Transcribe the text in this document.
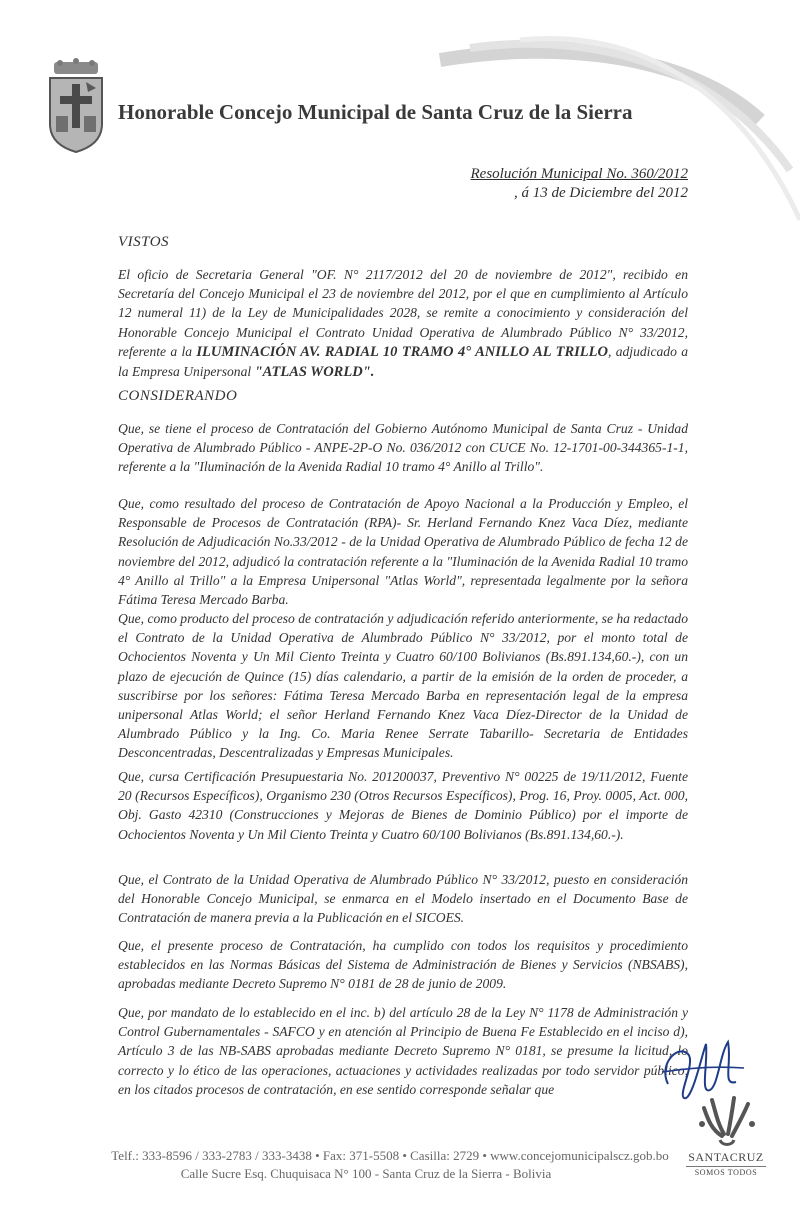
Honorable Concejo Municipal de Santa Cruz de la Sierra
Resolución Municipal No. 360/2012
, á 13 de Diciembre del 2012
VISTOS

El oficio de Secretaria General "OF. N° 2117/2012 del 20 de noviembre de 2012", recibido en Secretaría del Concejo Municipal el 23 de noviembre del 2012, por el que en cumplimiento al Artículo 12 numeral 11) de la Ley de Municipalidades 2028, se remite a conocimiento y consideración del Honorable Concejo Municipal el Contrato Unidad Operativa de Alumbrado Público N° 33/2012, referente a la ILUMINACIÓN AV. RADIAL 10 TRAMO 4° ANILLO AL TRILLO, adjudicado a la Empresa Unipersonal "ATLAS WORLD".

CONSIDERANDO

Que, se tiene el proceso de Contratación del Gobierno Autónomo Municipal de Santa Cruz - Unidad Operativa de Alumbrado Público - ANPE-2P-O No. 036/2012 con CUCE No. 12-1701-00-344365-1-1, referente a la "Iluminación de la Avenida Radial 10 tramo 4° Anillo al Trillo".

Que, como resultado del proceso de Contratación de Apoyo Nacional a la Producción y Empleo, el Responsable de Procesos de Contratación (RPA)- Sr. Herland Fernando Knez Vaca Díez, mediante Resolución de Adjudicación No.33/2012 - de la Unidad Operativa de Alumbrado Público de fecha 12 de noviembre del 2012, adjudicó la contratación referente a la "Iluminación de la Avenida Radial 10 tramo 4° Anillo al Trillo" a la Empresa Unipersonal "Atlas World", representada legalmente por la señora Fátima Teresa Mercado Barba.

Que, como producto del proceso de contratación y adjudicación referido anteriormente, se ha redactado el Contrato de la Unidad Operativa de Alumbrado Público N° 33/2012, por el monto total de Ochocientos Noventa y Un Mil Ciento Treinta y Cuatro 60/100 Bolivianos (Bs.891.134,60.-), con un plazo de ejecución de Quince (15) días calendario, a partir de la emisión de la orden de proceder, a suscribirse por los señores: Fátima Teresa Mercado Barba en representación legal de la empresa unipersonal Atlas World; el señor Herland Fernando Knez Vaca Díez-Director de la Unidad de Alumbrado Público y la Ing. Co. Maria Renee Serrate Tabarillo- Secretaria de Entidades Desconcentradas, Descentralizadas y Empresas Municipales.

Que, cursa Certificación Presupuestaria No. 201200037, Preventivo N° 00225 de 19/11/2012, Fuente 20 (Recursos Específicos), Organismo 230 (Otros Recursos Específicos), Prog. 16, Proy. 0005, Act. 000, Obj. Gasto 42310 (Construcciones y Mejoras de Bienes de Dominio Público) por el importe de Ochocientos Noventa y Un Mil Ciento Treinta y Cuatro 60/100 Bolivianos (Bs.891.134,60.-).

Que, el Contrato de la Unidad Operativa de Alumbrado Público N° 33/2012, puesto en consideración del Honorable Concejo Municipal, se enmarca en el Modelo insertado en el Documento Base de Contratación de manera previa a la Publicación en el SICOES.

Que, el presente proceso de Contratación, ha cumplido con todos los requisitos y procedimiento establecidos en las Normas Básicas del Sistema de Administración de Bienes y Servicios (NBSABS), aprobadas mediante Decreto Supremo N° 0181 de 28 de junio de 2009.

Que, por mandato de lo establecido en el inc. b) del artículo 28 de la Ley N° 1178 de Administración y Control Gubernamentales - SAFCO y en atención al Principio de Buena Fe Establecido en el inciso d), Artículo 3 de las NB-SABS aprobadas mediante Decreto Supremo N° 0181, se presume la licitud, lo correcto y lo ético de las operaciones, actuaciones y actividades realizadas por todo servidor público, en los citados procesos de contratación, en ese sentido corresponde señalar que

SANTACRUZ
SOMOS TODOS
Telf.: 333-8596 / 333-2783 / 333-3438 • Fax: 371-5508 • Casilla: 2729 • www.concejomunicipalscz.gob.bo
Calle Sucre Esq. Chuquisaca N° 100 - Santa Cruz de la Sierra - Bolivia
